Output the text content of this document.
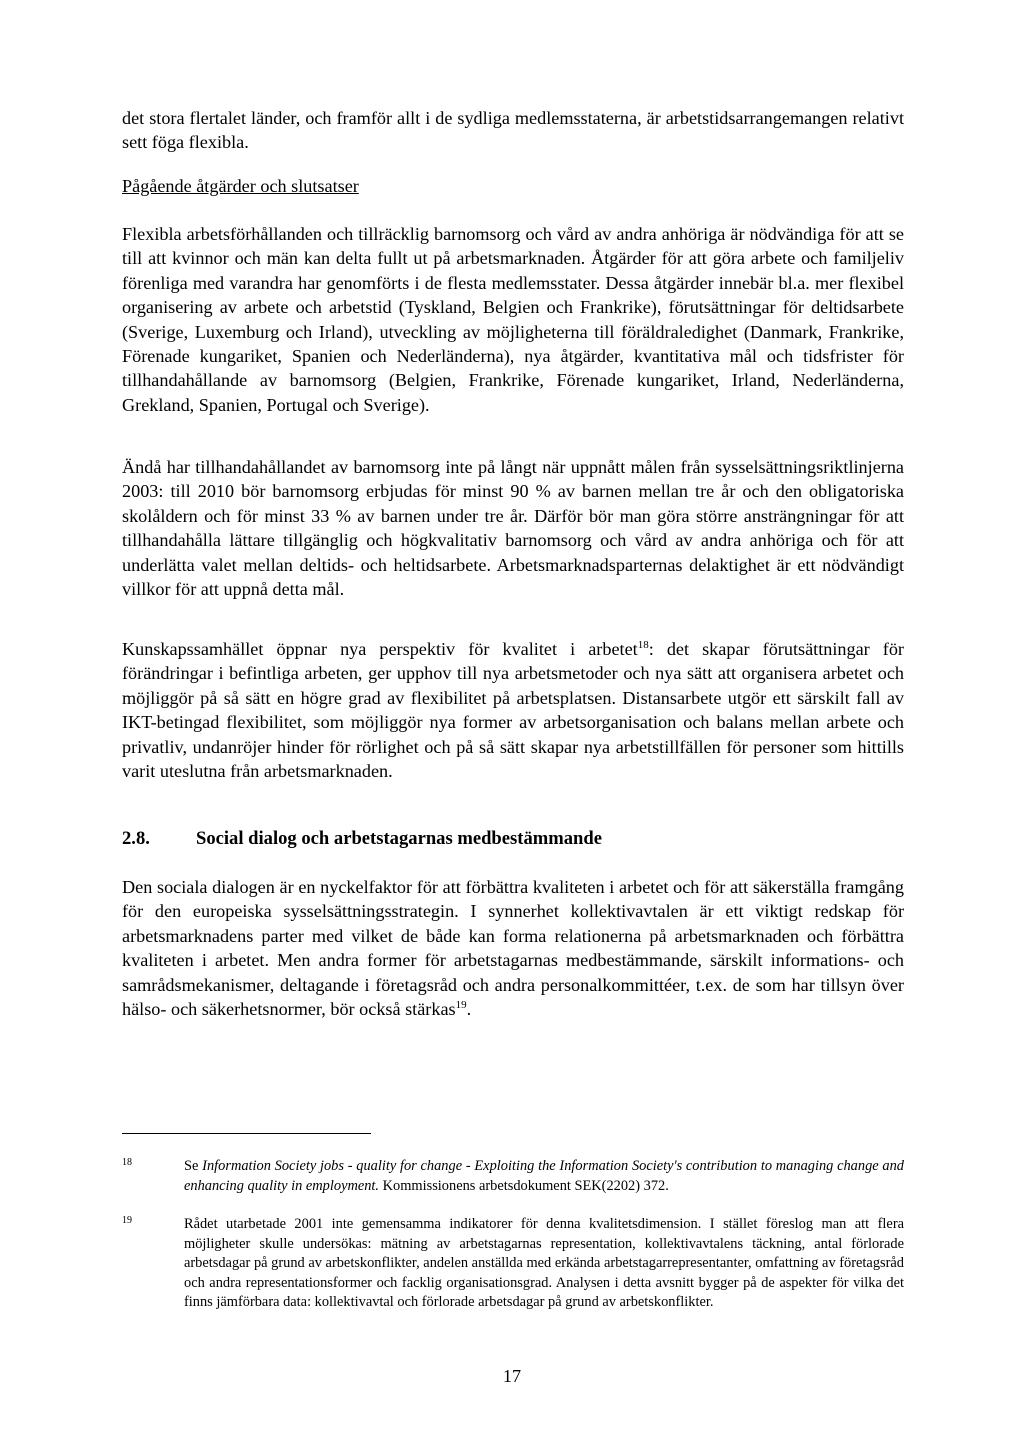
det stora flertalet länder, och framför allt i de sydliga medlemsstaterna, är arbetstidsarrangemangen relativt sett föga flexibla.

Pågående åtgärder och slutsatser

Flexibla arbetsförhållanden och tillräcklig barnomsorg och vård av andra anhöriga är nödvändiga för att se till att kvinnor och män kan delta fullt ut på arbetsmarknaden. Åtgärder för att göra arbete och familjeliv förenliga med varandra har genomförts i de flesta medlemsstater. Dessa åtgärder innebär bl.a. mer flexibel organisering av arbete och arbetstid (Tyskland, Belgien och Frankrike), förutsättningar för deltidsarbete (Sverige, Luxemburg och Irland), utveckling av möjligheterna till föräldraledighet (Danmark, Frankrike, Förenade kungariket, Spanien och Nederländerna), nya åtgärder, kvantitativa mål och tidsfrister för tillhandahållande av barnomsorg (Belgien, Frankrike, Förenade kungariket, Irland, Nederländerna, Grekland, Spanien, Portugal och Sverige).

Ändå har tillhandahållandet av barnomsorg inte på långt när uppnått målen från sysselsättningsriktlinjerna 2003: till 2010 bör barnomsorg erbjudas för minst 90 % av barnen mellan tre år och den obligatoriska skolåldern och för minst 33 % av barnen under tre år. Därför bör man göra större ansträngningar för att tillhandahålla lättare tillgänglig och högkvalitativ barnomsorg och vård av andra anhöriga och för att underlätta valet mellan deltids- och heltidsarbete. Arbetsmarknadsparternas delaktighet är ett nödvändigt villkor för att uppnå detta mål.

Kunskapssamhället öppnar nya perspektiv för kvalitet i arbetet$^{18}$: det skapar förutsättningar för förändringar i befintliga arbeten, ger upphov till nya arbetsmetoder och nya sätt att organisera arbetet och möjliggör på så sätt en högre grad av flexibilitet på arbetsplatsen. Distansarbete utgör ett särskilt fall av IKT-betingad flexibilitet, som möjliggör nya former av arbetsorganisation och balans mellan arbete och privatliv, undanröjer hinder för rörlighet och på så sätt skapar nya arbetstillfällen för personer som hittills varit uteslutna från arbetsmarknaden.

2.8. Social dialog och arbetstagarnas medbestämmande

Den sociala dialogen är en nyckelfaktor för att förbättra kvaliteten i arbetet och för att säkerställa framgång för den europeiska sysselsättningsstrategin. I synnerhet kollektivavtalen är ett viktigt redskap för arbetsmarknadens parter med vilket de både kan forma relationerna på arbetsmarknaden och förbättra kvaliteten i arbetet. Men andra former för arbetstagarnas medbestämmande, särskilt informations- och samrådsmekanismer, deltagande i företagsråd och andra personalkommittéer, t.ex. de som har tillsyn över hälso- och säkerhetsnormer, bör också stärkas$^{19}$.

18	Se Information Society jobs - quality for change - Exploiting the Information Society's contribution to managing change and enhancing quality in employment. Kommissionens arbetsdokument SEK(2202) 372.
19	Rådet utarbetade 2001 inte gemensamma indikatorer för denna kvalitetsdimension. I stället föreslog man att flera möjligheter skulle undersökas: mätning av arbetstagarnas representation, kollektivavtalens täckning, antal förlorade arbetsdagar på grund av arbetskonflikter, andelen anställda med erkända arbetstagarrepresentanter, omfattning av företagsråd och andra representationsformer och facklig organisationsgrad. Analysen i detta avsnitt bygger på de aspekter för vilka det finns jämförbara data: kollektivavtal och förlorade arbetsdagar på grund av arbetskonflikter.
17
